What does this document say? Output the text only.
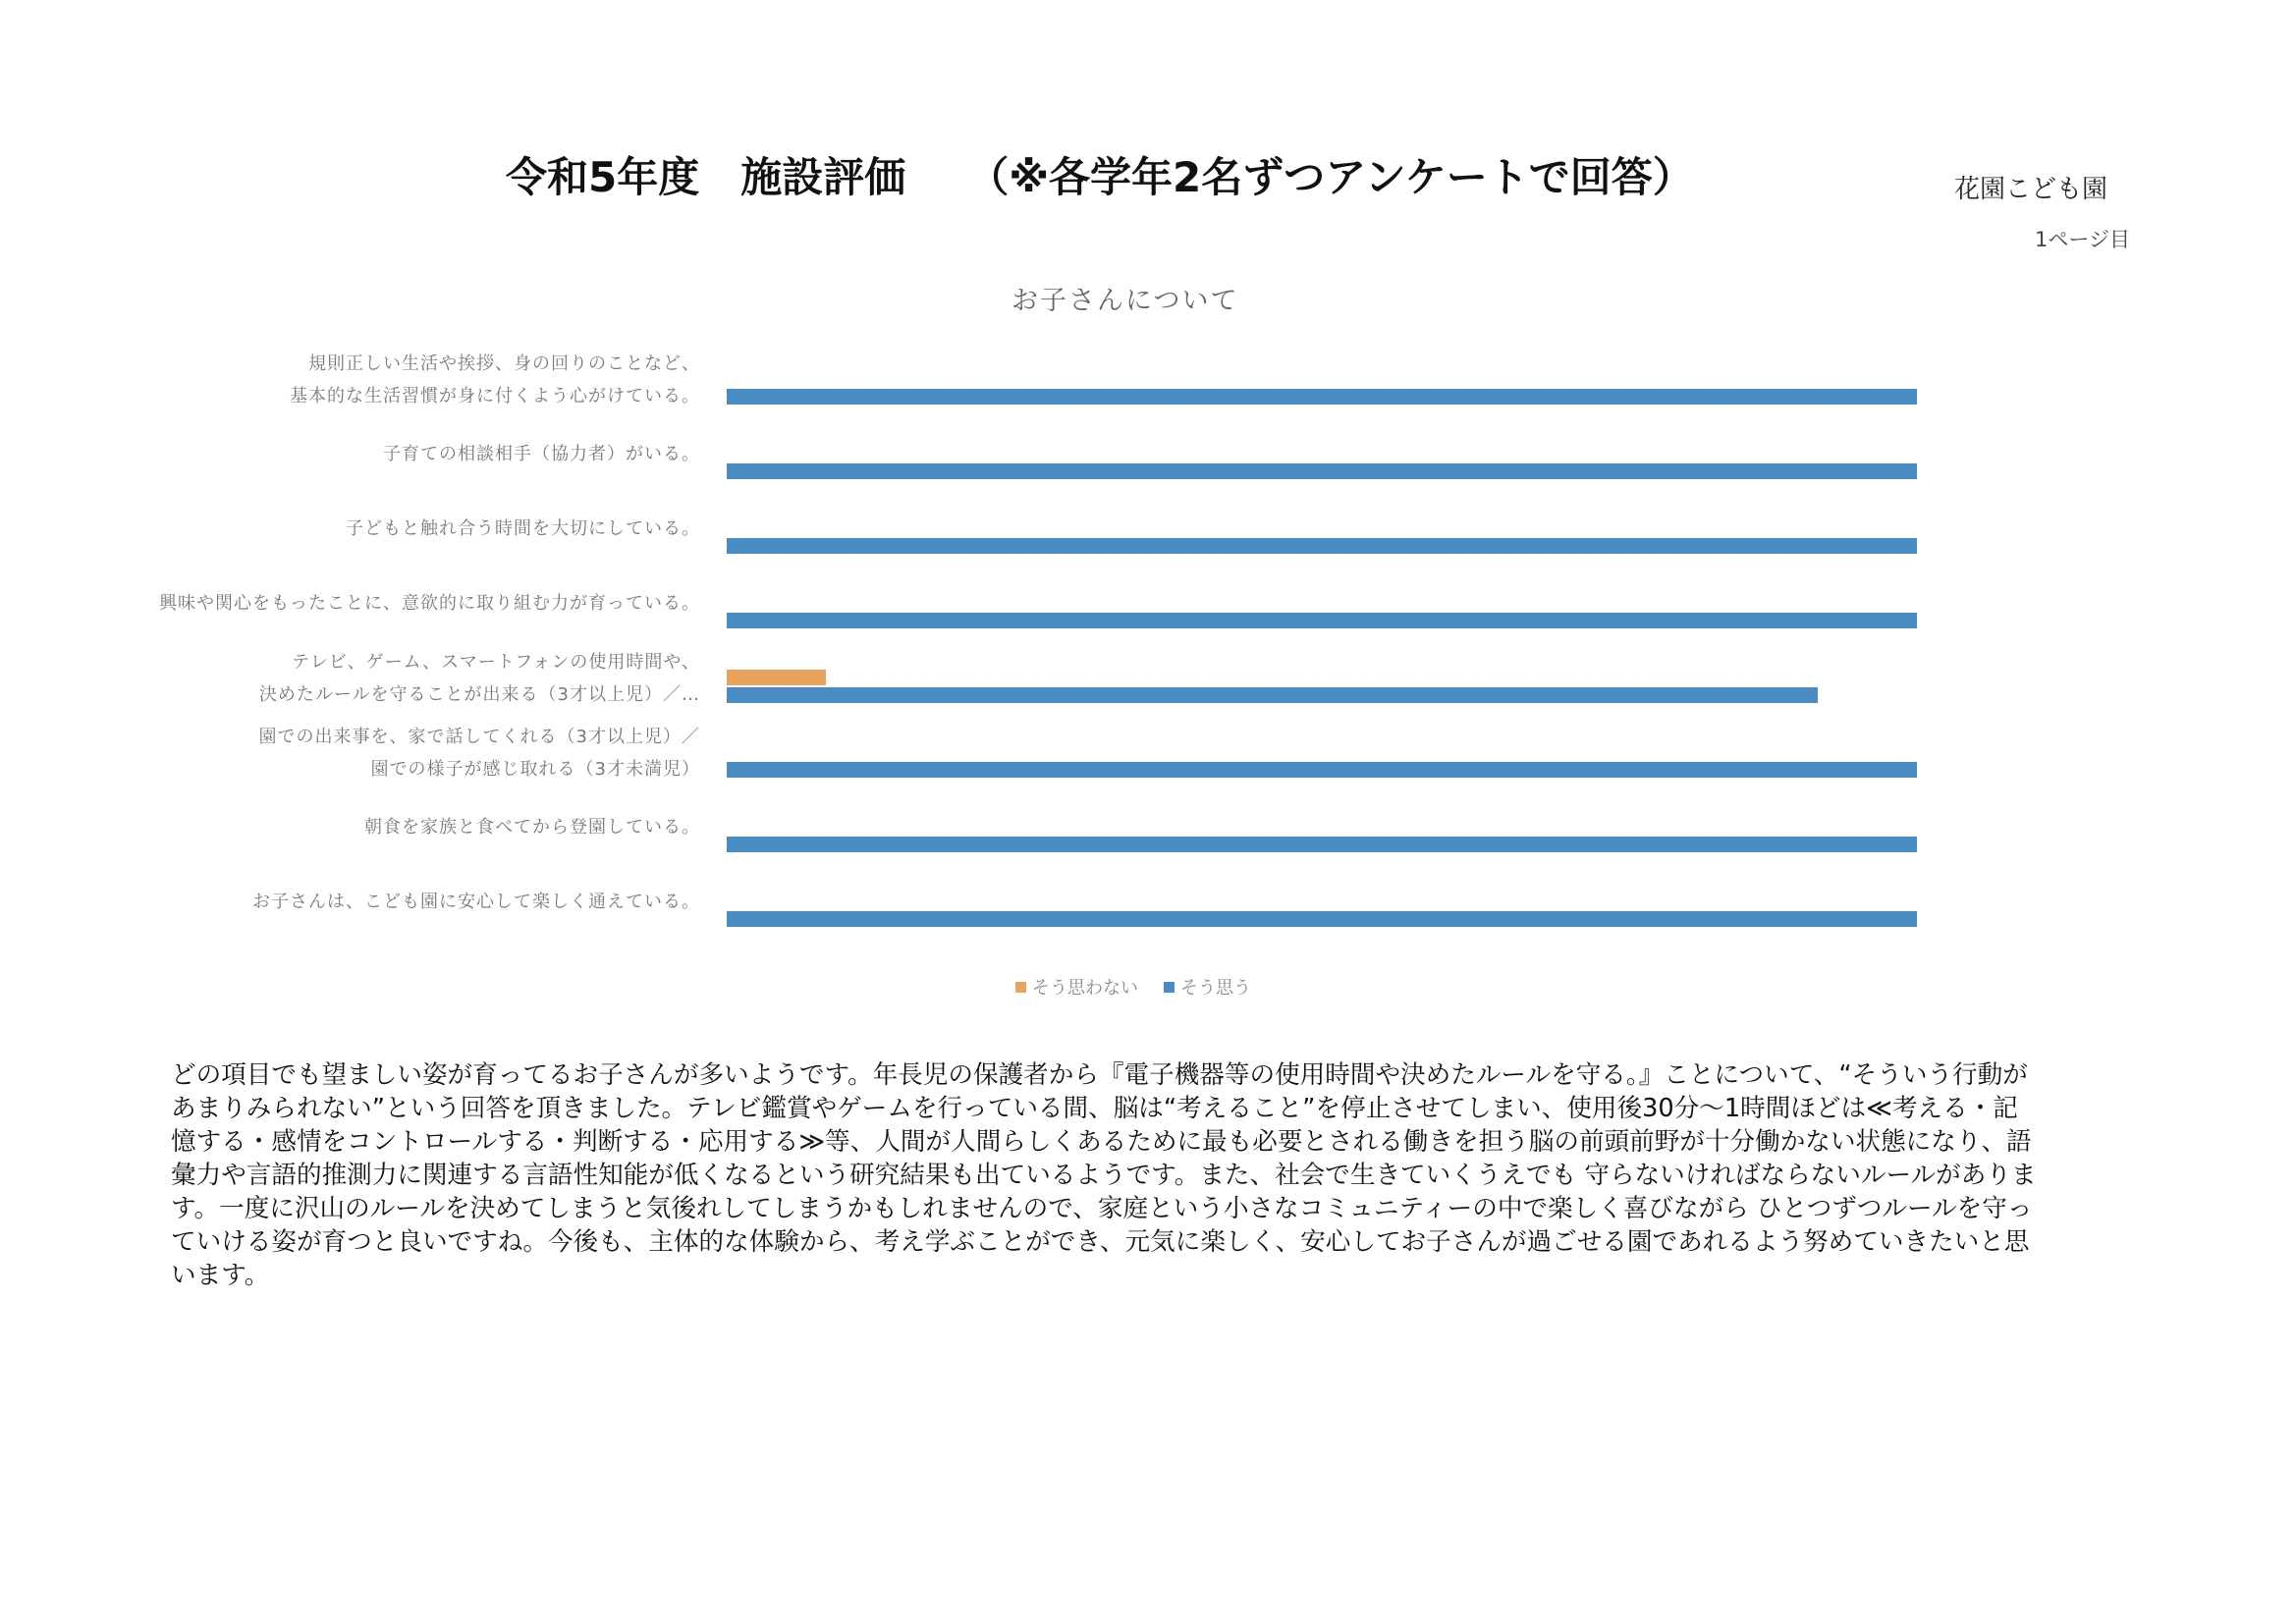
令和5年度　施設評価　　（※各学年2名ずつアンケートで回答）	花園こども園
1ページ目
お子さんについて
規則正しい生活や挨拶、身の回りのことなど、
基本的な生活習慣が身に付くよう心がけている。
子育ての相談相手（協力者）がいる。
子どもと触れ合う時間を大切にしている。
興味や関心をもったことに、意欲的に取り組む力が育っている。
テレビ、ゲーム、スマートフォンの使用時間や、
決めたルールを守ることが出来る（3才以上児）／…
園での出来事を、家で話してくれる（3才以上児）／
園での様子が感じ取れる（3才未満児）
朝食を家族と食べてから登園している。
お子さんは、こども園に安心して楽しく通えている。
そう思わない そう思う

どの項目でも望ましい姿が育ってるお子さんが多いようです。年長児の保護者から『電子機器等の使用時間や決めたルールを守る。』ことについて、“そういう行動があまりみられない”という回答を頂きました。テレビ鑑賞やゲームを行っている間、脳は“考えること”を停止させてしまい、使用後30分～1時間ほどは≪考える・記憶する・感情をコントロールする・判断する・応用する≫等、人間が人間らしくあるために最も必要とされる働きを担う脳の前頭前野が十分働かない状態になり、語彙力や言語的推測力に関連する言語性知能が低くなるという研究結果も出ているようです。また、社会で生きていくうえでも 守らないければならないルールがあります。一度に沢山のルールを決めてしまうと気後れしてしまうかもしれませんので、家庭という小さなコミュニティーの中で楽しく喜びながら ひとつずつルールを守っていける姿が育つと良いですね。今後も、主体的な体験から、考え学ぶことができ、元気に楽しく、安心してお子さんが過ごせる園であれるよう努めていきたいと思います。
